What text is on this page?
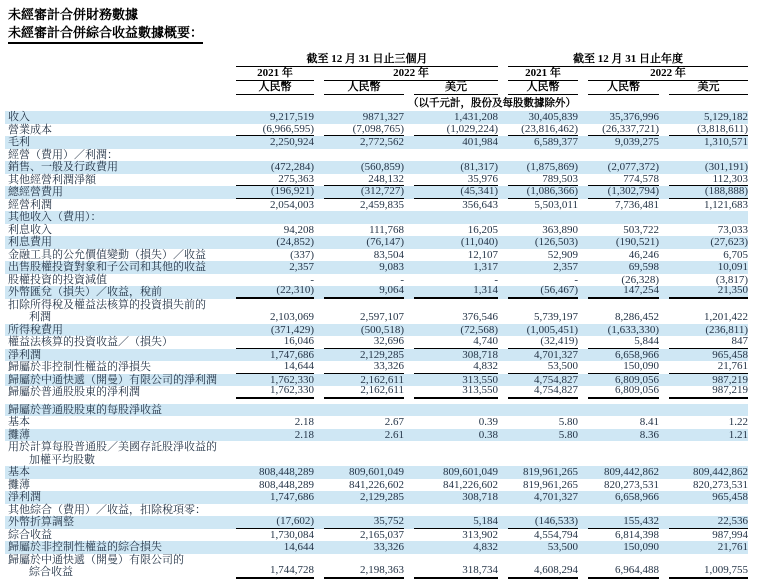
未經審計合併財務數據
未經審計合併綜合收益數據概要：
截至 12 月 31 日止三個月	截至 12 月 31 日止年度
2021 年	2022 年	2021 年	2022 年
人民幣	人民幣	美元	人民幣	人民幣	美元
（以千元計，股份及每股數據除外）
收入	9,217,519	9871,327	1,431,208	30,405,839	35,376,996	5,129,182
營業成本	(6,966,595)	(7,098,765)	(1,029,224)	(23,816,462)	(26,337,721)	(3,818,611)
毛利	2,250,924	2,772,562	401,984	6,589,377	9,039,275	1,310,571
經營（費用）／利潤：
銷售、一般及行政費用	(472,284)	(560,859)	(81,317)	(1,875,869)	(2,077,372)	(301,191)
其他經營利潤淨額	275,363	248,132	35,976	789,503	774,578	112,303
總經營費用	(196,921)	(312,727)	(45,341)	(1,086,366)	(1,302,794)	(188,888)
經營利潤	2,054,003	2,459,835	356,643	5,503,011	7,736,481	1,121,683
其他收入（費用）：
利息收入	94,208	111,768	16,205	363,890	503,722	73,033
利息費用	(24,852)	(76,147)	(11,040)	(126,503)	(190,521)	(27,623)
金融工具的公允價值變動（損失）／收益	(337)	83,504	12,107	52,909	46,246	6,705
出售股權投資對象和子公司和其他的收益	2,357	9,083	1,317	2,357	69,598	10,091
股權投資的投資減值	-	-	-	-	(26,328)	(3,817)
外幣匯兌（損失）／收益，稅前	(22,310)	9,064	1,314	(56,467)	147,254	21,350
扣除所得稅及權益法核算的投資損失前的
利潤	2,103,069	2,597,107	376,546	5,739,197	8,286,452	1,201,422
所得稅費用	(371,429)	(500,518)	(72,568)	(1,005,451)	(1,633,330)	(236,811)
權益法核算的投資收益／（損失）	16,046	32,696	4,740	(32,419)	5,844	847
淨利潤	1,747,686	2,129,285	308,718	4,701,327	6,658,966	965,458
歸屬於非控制性權益的淨損失	14,644	33,326	4,832	53,500	150,090	21,761
歸屬於中通快遞（開曼）有限公司的淨利潤	1,762,330	2,162,611	313,550	4,754,827	6,809,056	987,219
歸屬於普通股股東的淨利潤	1,762,330	2,162,611	313,550	4,754,827	6,809,056	987,219
歸屬於普通股股東的每股淨收益
基本	2.18	2.67	0.39	5.80	8.41	1.22
攤薄	2.18	2.61	0.38	5.80	8.36	1.21
用於計算每股普通股／美國存託股淨收益的
加權平均股數
基本	808,448,289	809,601,049	809,601,049	819,961,265	809,442,862	809,442,862
攤薄	808,448,289	841,226,602	841,226,602	819,961,265	820,273,531	820,273,531
淨利潤	1,747,686	2,129,285	308,718	4,701,327	6,658,966	965,458
其他綜合（費用）／收益，扣除稅項零：
外幣折算調整	(17,602)	35,752	5,184	(146,533)	155,432	22,536
綜合收益	1,730,084	2,165,037	313,902	4,554,794	6,814,398	987,994
歸屬於非控制性權益的綜合損失	14,644	33,326	4,832	53,500	150,090	21,761
歸屬於中通快遞（開曼）有限公司的
綜合收益	1,744,728	2,198,363	318,734	4,608,294	6,964,488	1,009,755
